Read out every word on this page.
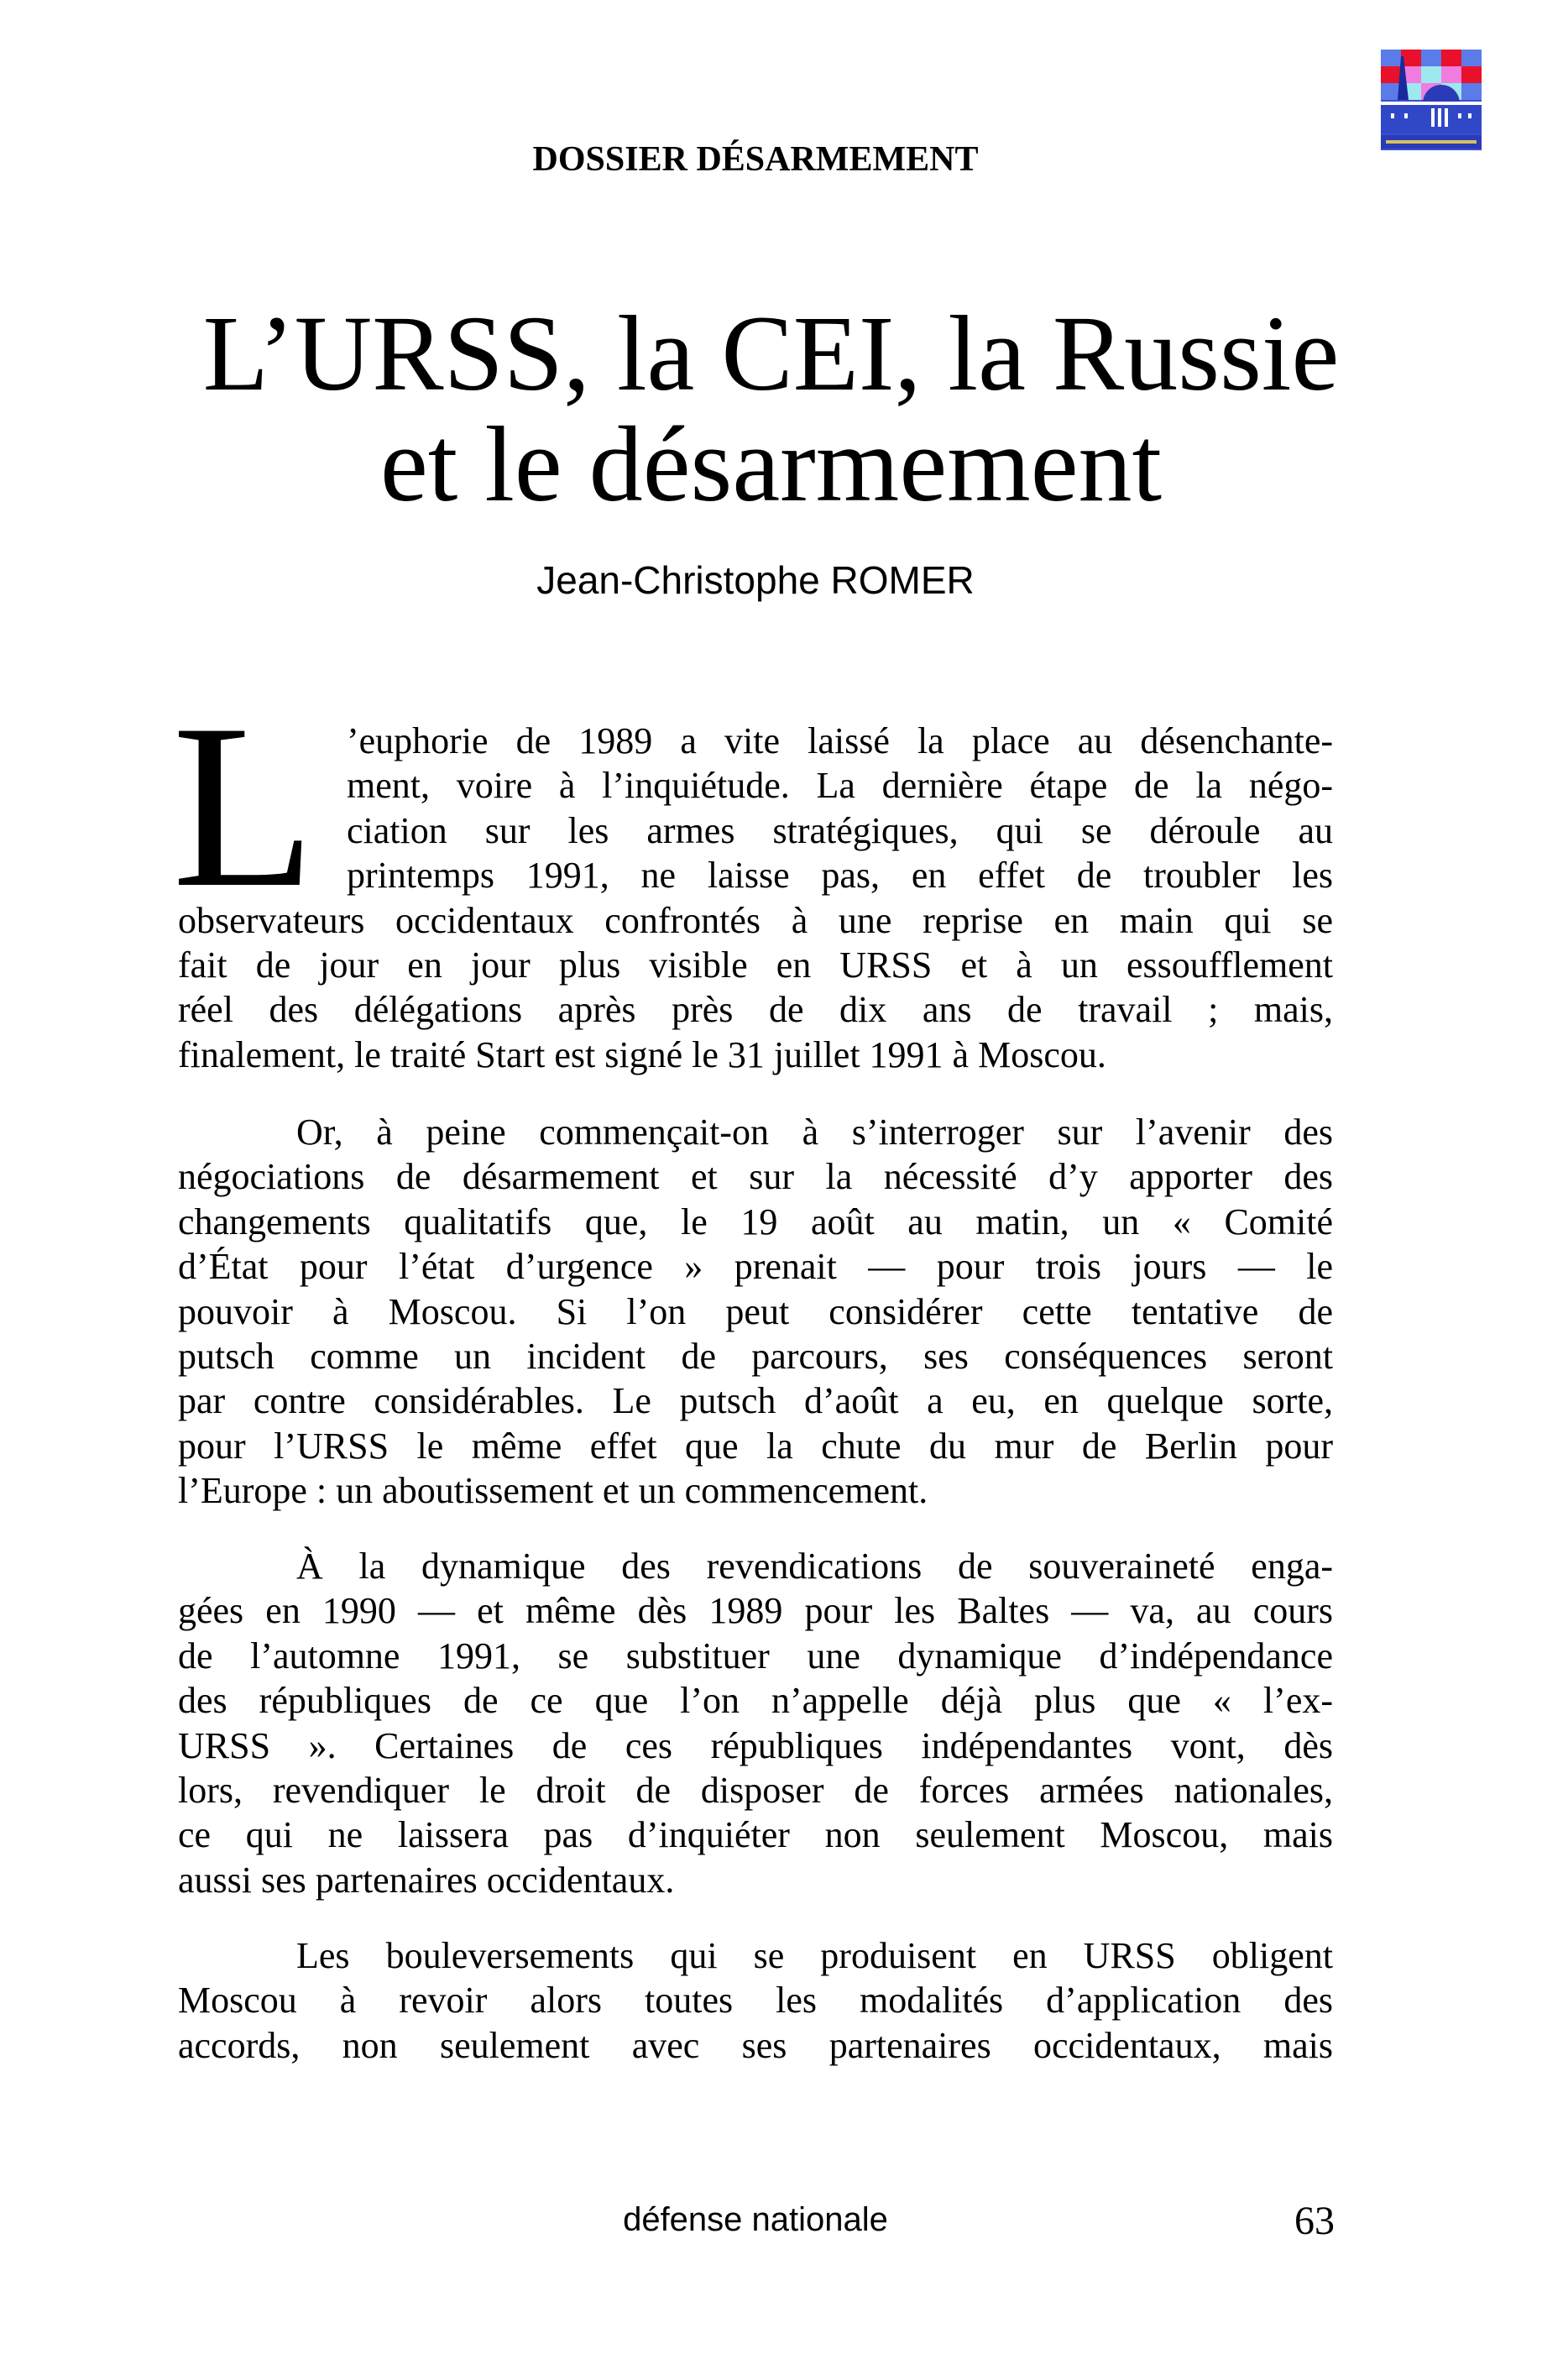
DOSSIER DÉSARMEMENT
L’URSS, la CEI, la Russie
et le désarmement
Jean-Christophe ROMER
L ’euphorie de 1989 a vite laissé la place au désenchante-
ment, voire à l’inquiétude. La dernière étape de la négo-
ciation sur les armes stratégiques, qui se déroule au
printemps 1991, ne laisse pas, en effet de troubler les
observateurs occidentaux confrontés à une reprise en main qui se
fait de jour en jour plus visible en URSS et à un essoufflement
réel des délégations après près de dix ans de travail ; mais,
finalement, le traité Start est signé le 31 juillet 1991 à Moscou.
Or, à peine commençait-on à s’interroger sur l’avenir des
négociations de désarmement et sur la nécessité d’y apporter des
changements qualitatifs que, le 19 août au matin, un « Comité
d’État pour l’état d’urgence » prenait — pour trois jours — le
pouvoir à Moscou. Si l’on peut considérer cette tentative de
putsch comme un incident de parcours, ses conséquences seront
par contre considérables. Le putsch d’août a eu, en quelque sorte,
pour l’URSS le même effet que la chute du mur de Berlin pour
l’Europe : un aboutissement et un commencement.
À la dynamique des revendications de souveraineté enga-
gées en 1990 — et même dès 1989 pour les Baltes — va, au cours
de l’automne 1991, se substituer une dynamique d’indépendance
des républiques de ce que l’on n’appelle déjà plus que « l’ex-
URSS ». Certaines de ces républiques indépendantes vont, dès
lors, revendiquer le droit de disposer de forces armées nationales,
ce qui ne laissera pas d’inquiéter non seulement Moscou, mais
aussi ses partenaires occidentaux.
Les bouleversements qui se produisent en URSS obligent
Moscou à revoir alors toutes les modalités d’application des
accords, non seulement avec ses partenaires occidentaux, mais
défense nationale	63
